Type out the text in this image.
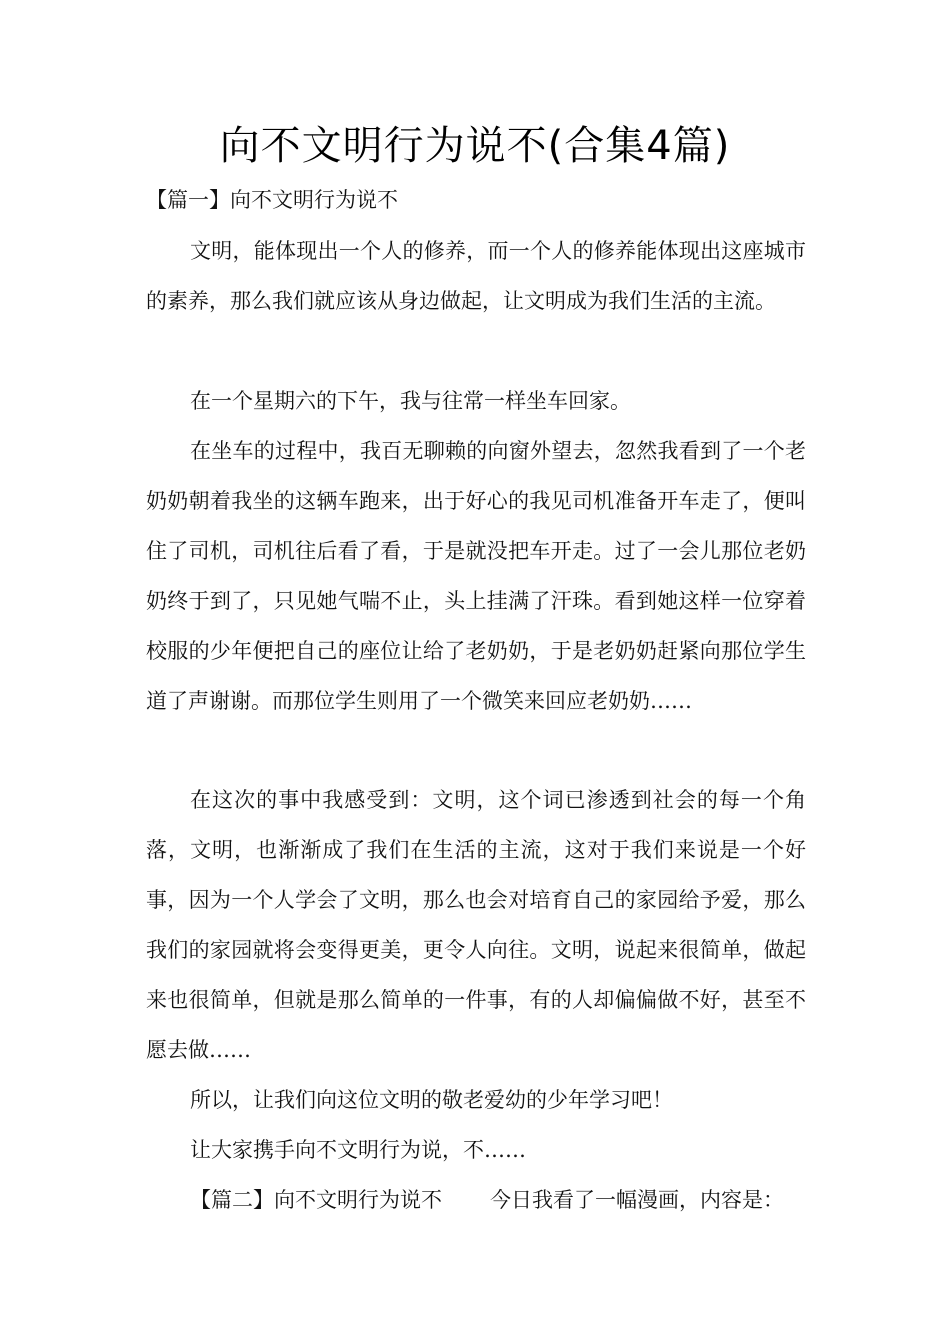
向不文明行为说不(合集4篇)
【篇一】向不文明行为说不
文明，能体现出一个人的修养，而一个人的修养能体现出这座城市的素养，那么我们就应该从身边做起，让文明成为我们生活的主流。
在一个星期六的下午，我与往常一样坐车回家。
在坐车的过程中，我百无聊赖的向窗外望去，忽然我看到了一个老奶奶朝着我坐的这辆车跑来，出于好心的我见司机准备开车走了，便叫住了司机，司机往后看了看，于是就没把车开走。过了一会儿那位老奶奶终于到了，只见她气喘不止，头上挂满了汗珠。看到她这样一位穿着校服的少年便把自己的座位让给了老奶奶，于是老奶奶赶紧向那位学生道了声谢谢。而那位学生则用了一个微笑来回应老奶奶……
在这次的事中我感受到：文明，这个词已渗透到社会的每一个角落，文明，也渐渐成了我们在生活的主流，这对于我们来说是一个好事，因为一个人学会了文明，那么也会对培育自己的家园给予爱，那么我们的家园就将会变得更美，更令人向往。文明，说起来很简单，做起来也很简单，但就是那么简单的一件事，有的人却偏偏做不好，甚至不愿去做……
所以，让我们向这位文明的敬老爱幼的少年学习吧！
让大家携手向不文明行为说，不……
【篇二】向不文明行为说不 今日我看了一幅漫画，内容是：
